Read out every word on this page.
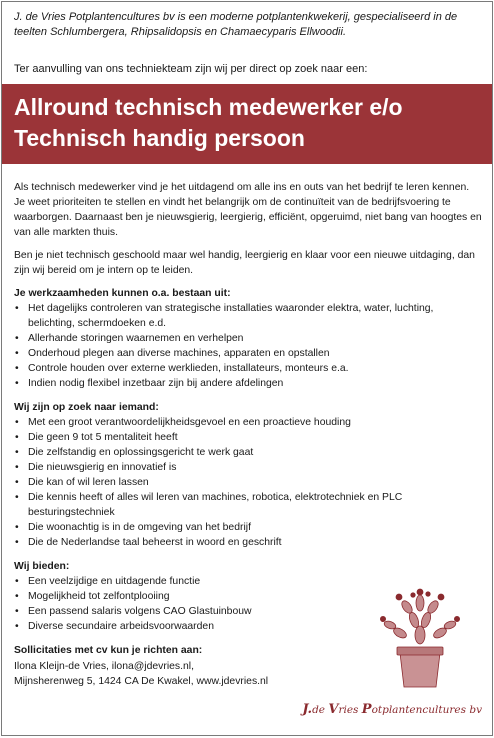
J. de Vries Potplantencultures bv is een moderne potplantenkwekerij, gespecialiseerd in de teelten Schlumbergera, Rhipsalidopsis en Chamaecyparis Ellwoodii.
Ter aanvulling van ons techniekteam zijn wij per direct op zoek naar een:
Allround technisch medewerker e/o
Technisch handig persoon

Als technisch medewerker vind je het uitdagend om alle ins en outs van het bedrijf te leren kennen. Je weet prioriteiten te stellen en vindt het belangrijk om de continuïteit van de bedrijfsvoering te waarborgen. Daarnaast ben je nieuwsgierig, leergierig, efficiënt, opgeruimd, niet bang van hoogtes en van alle markten thuis.

Ben je niet technisch geschoold maar wel handig, leergierig en klaar voor een nieuwe uitdaging, dan zijn wij bereid om je intern op te leiden.

Je werkzaamheden kunnen o.a. bestaan uit:
• Het dagelijks controleren van strategische installaties waaronder elektra, water, luchting, belichting, schermdoeken e.d.
• Allerhande storingen waarnemen en verhelpen
• Onderhoud plegen aan diverse machines, apparaten en opstallen
• Controle houden over externe werklieden, installateurs, monteurs e.a.
• Indien nodig flexibel inzetbaar zijn bij andere afdelingen
Wij zijn op zoek naar iemand:
• Met een groot verantwoordelijkheidsgevoel en een proactieve houding
• Die geen 9 tot 5 mentaliteit heeft
• Die zelfstandig en oplossingsgericht te werk gaat
• Die nieuwsgierig en innovatief is
• Die kan of wil leren lassen
• Die kennis heeft of alles wil leren van machines, robotica, elektrotechniek en PLC besturingstechniek
• Die woonachtig is in de omgeving van het bedrijf
• Die de Nederlandse taal beheerst in woord en geschrift
Wij bieden:
• Een veelzijdige en uitdagende functie
• Mogelijkheid tot zelfontplooiing
• Een passend salaris volgens CAO Glastuinbouw
• Diverse secundaire arbeidsvoorwaarden
Sollicitaties met cv kun je richten aan:
Ilona Kleijn-de Vries, ilona@jdevries.nl,
Mijnsherenweg 5, 1424 CA De Kwakel, www.jdevries.nl
J.de Vries Potplantencultures bv
